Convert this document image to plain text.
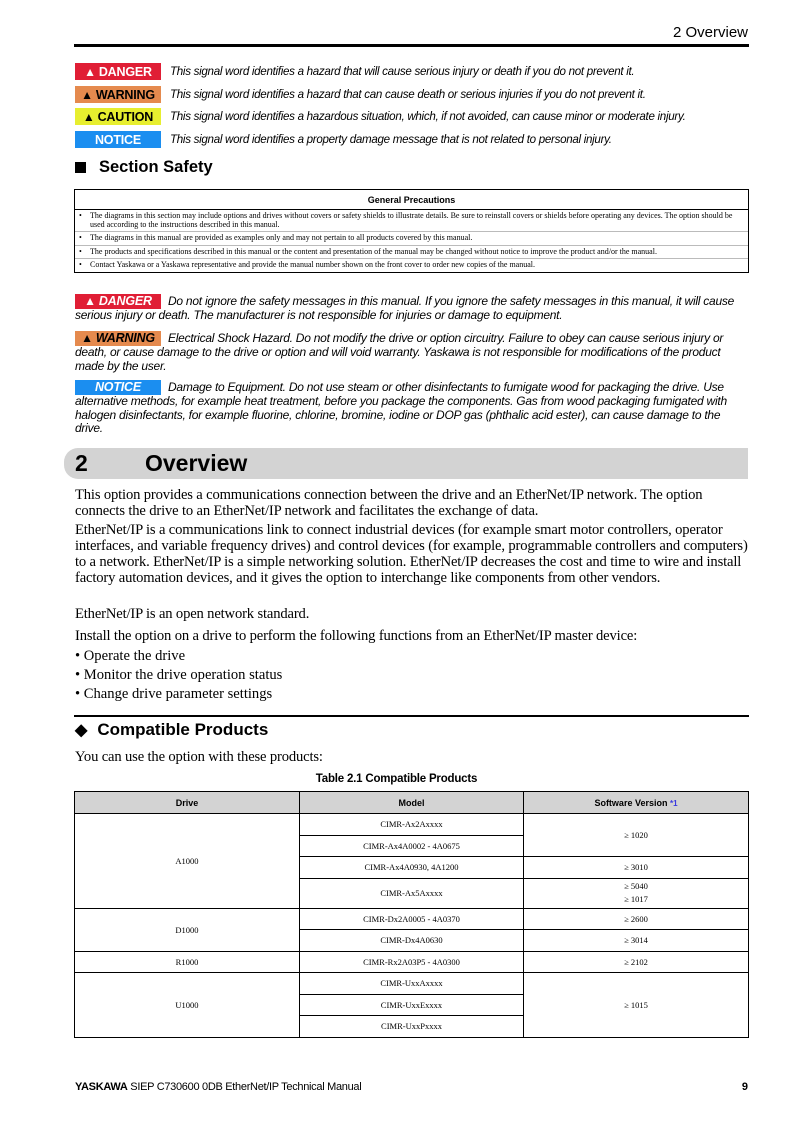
2 Overview
▲ DANGER This signal word identifies a hazard that will cause serious injury or death if you do not prevent it.
▲ WARNING This signal word identifies a hazard that can cause death or serious injuries if you do not prevent it.
▲ CAUTION This signal word identifies a hazardous situation, which, if not avoided, can cause minor or moderate injury.
NOTICE This signal word identifies a property damage message that is not related to personal injury.
Section Safety
General Precautions
• The diagrams in this section may include options and drives without covers or safety shields to illustrate details. Be sure to reinstall covers or shields before operating any devices. The option should be used according to the instructions described in this manual.
• The diagrams in this manual are provided as examples only and may not pertain to all products covered by this manual.
• The products and specifications described in this manual or the content and presentation of the manual may be changed without notice to improve the product and/or the manual.
• Contact Yaskawa or a Yaskawa representative and provide the manual number shown on the front cover to order new copies of the manual.
▲ DANGER Do not ignore the safety messages in this manual. If you ignore the safety messages in this manual, it will cause serious injury or death. The manufacturer is not responsible for injuries or damage to equipment.
▲ WARNING Electrical Shock Hazard. Do not modify the drive or option circuitry. Failure to obey can cause serious injury or death, or cause damage to the drive or option and will void warranty. Yaskawa is not responsible for modifications of the product made by the user.
NOTICE Damage to Equipment. Do not use steam or other disinfectants to fumigate wood for packaging the drive. Use alternative methods, for example heat treatment, before you package the components. Gas from wood packaging fumigated with halogen disinfectants, for example fluorine, chlorine, bromine, iodine or DOP gas (phthalic acid ester), can cause damage to the drive.
2	Overview
This option provides a communications connection between the drive and an EtherNet/IP network. The option connects the drive to an EtherNet/IP network and facilitates the exchange of data.
EtherNet/IP is a communications link to connect industrial devices (for example smart motor controllers, operator interfaces, and variable frequency drives) and control devices (for example, programmable controllers and computers) to a network. EtherNet/IP is a simple networking solution. EtherNet/IP decreases the cost and time to wire and install factory automation devices, and it gives the option to interchange like components from other vendors.
EtherNet/IP is an open network standard.
Install the option on a drive to perform the following functions from an EtherNet/IP master device:
• Operate the drive
• Monitor the drive operation status
• Change drive parameter settings
◆ Compatible Products
You can use the option with these products:
Table 2.1 Compatible Products
Drive	Model	Software Version *1
A1000	CIMR-Ax2Axxxx	≥ 1020
	CIMR-Ax4A0002 - 4A0675	
	CIMR-Ax4A0930, 4A1200	≥ 3010
	CIMR-Ax5Axxxx	≥ 5040
≥ 1017
D1000	CIMR-Dx2A0005 - 4A0370	≥ 2600
	CIMR-Dx4A0630	≥ 3014
R1000	CIMR-Rx2A03P5 - 4A0300	≥ 2102
U1000	CIMR-UxxAxxxx	≥ 1015
	CIMR-UxxExxxx	
	CIMR-UxxPxxxx	
YASKAWA SIEP C730600 0DB EtherNet/IP Technical Manual	9
